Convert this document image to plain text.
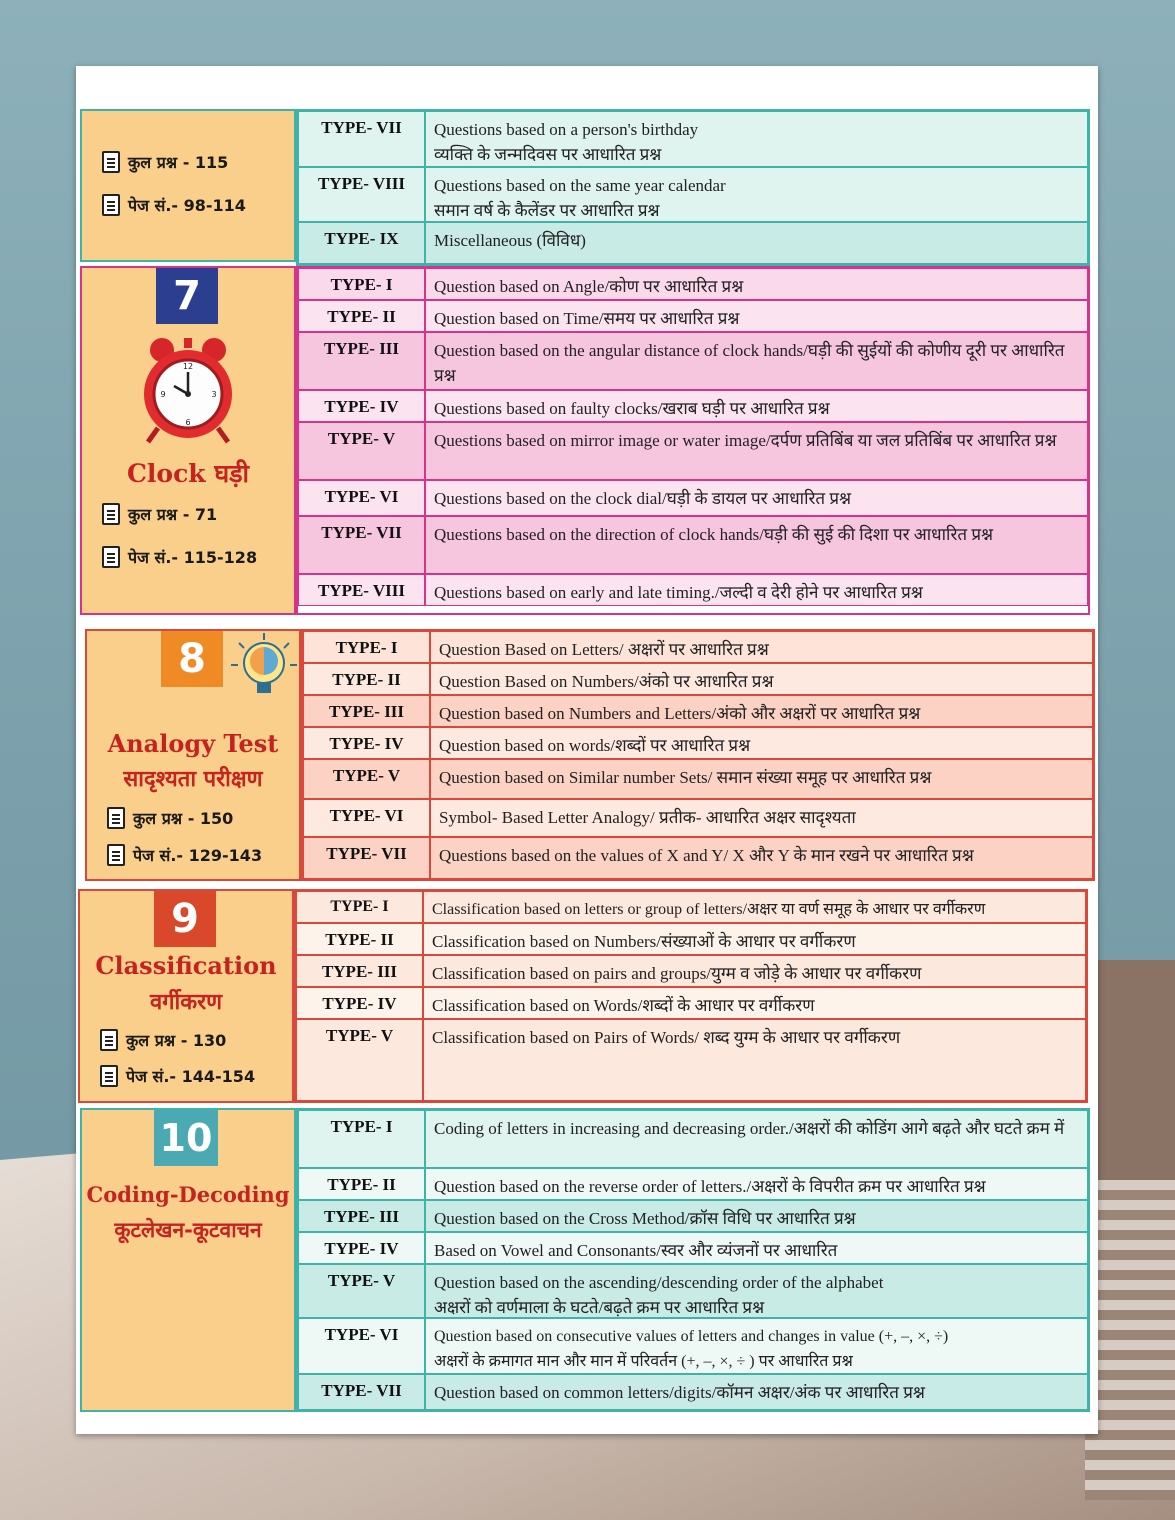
कुल प्रश्न - 115
पेज सं.- 98-114
TYPE- VII	Questions based on a person's birthday
व्यक्ति के जन्मदिवस पर आधारित प्रश्न
TYPE- VIII	Questions based on the same year calendar
समान वर्ष के कैलेंडर पर आधारित प्रश्न
TYPE- IX	Miscellaneous (विविध)
7
12
3
6
9
Clock घड़ी
कुल प्रश्न - 71
पेज सं.- 115-128
TYPE- I	Question based on Angle/कोण पर आधारित प्रश्न
TYPE- II	Question based on Time/समय पर आधारित प्रश्न
TYPE- III	Question based on the angular distance of clock hands/घड़ी की सुईयों की कोणीय दूरी पर आधारित प्रश्न
TYPE- IV	Questions based on faulty clocks/खराब घड़ी पर आधारित प्रश्न
TYPE- V	Questions based on mirror image or water image/दर्पण प्रतिबिंब या जल प्रतिबिंब पर आधारित प्रश्न
TYPE- VI	Questions based on the clock dial/घड़ी के डायल पर आधारित प्रश्न
TYPE- VII	Questions based on the direction of clock hands/घड़ी की सुई की दिशा पर आधारित प्रश्न
TYPE- VIII	Questions based on early and late timing./जल्दी व देरी होने पर आधारित प्रश्न
8
Analogy Test
सादृश्यता परीक्षण
कुल प्रश्न - 150
पेज सं.- 129-143
TYPE- I	Question Based on Letters/ अक्षरों पर आधारित प्रश्न
TYPE- II	Question Based on Numbers/अंको पर आधारित प्रश्न
TYPE- III	Question based on Numbers and Letters/अंको और अक्षरों पर आधारित प्रश्न
TYPE- IV	Question based on words/शब्दों पर आधारित प्रश्न
TYPE- V	Question based on Similar number Sets/ समान संख्या समूह पर आधारित प्रश्न
TYPE- VI	Symbol- Based Letter Analogy/ प्रतीक- आधारित अक्षर सादृश्यता
TYPE- VII	Questions based on the values of X and Y/ X और Y के मान रखने पर आधारित प्रश्न
9
Classification
वर्गीकरण
कुल प्रश्न - 130
पेज सं.- 144-154
TYPE- I	Classification based on letters or group of letters/अक्षर या वर्ण समूह के आधार पर वर्गीकरण
TYPE- II	Classification based on Numbers/संख्याओं के आधार पर वर्गीकरण
TYPE- III	Classification based on pairs and groups/युग्म व जोड़े के आधार पर वर्गीकरण
TYPE- IV	Classification based on Words/शब्दों के आधार पर वर्गीकरण
TYPE- V	Classification based on Pairs of Words/ शब्द युग्म के आधार पर वर्गीकरण
10
Coding-Decoding
कूटलेखन-कूटवाचन
TYPE- I	Coding of letters in increasing and decreasing order./अक्षरों की कोडिंग आगे बढ़ते और घटते क्रम में
TYPE- II	Question based on the reverse order of letters./अक्षरों के विपरीत क्रम पर आधारित प्रश्न
TYPE- III	Question based on the Cross Method/क्रॉस विधि पर आधारित प्रश्न
TYPE- IV	Based on Vowel and Consonants/स्वर और व्यंजनों पर आधारित
TYPE- V	Question based on the ascending/descending order of the alphabet
अक्षरों को वर्णमाला के घटते/बढ़ते क्रम पर आधारित प्रश्न
TYPE- VI	Question based on consecutive values of letters and changes in value (+, –, ×, ÷)
अक्षरों के क्रमागत मान और मान में परिवर्तन (+, –, ×, ÷ ) पर आधारित प्रश्न
TYPE- VII	Question based on common letters/digits/कॉमन अक्षर/अंक पर आधारित प्रश्न
